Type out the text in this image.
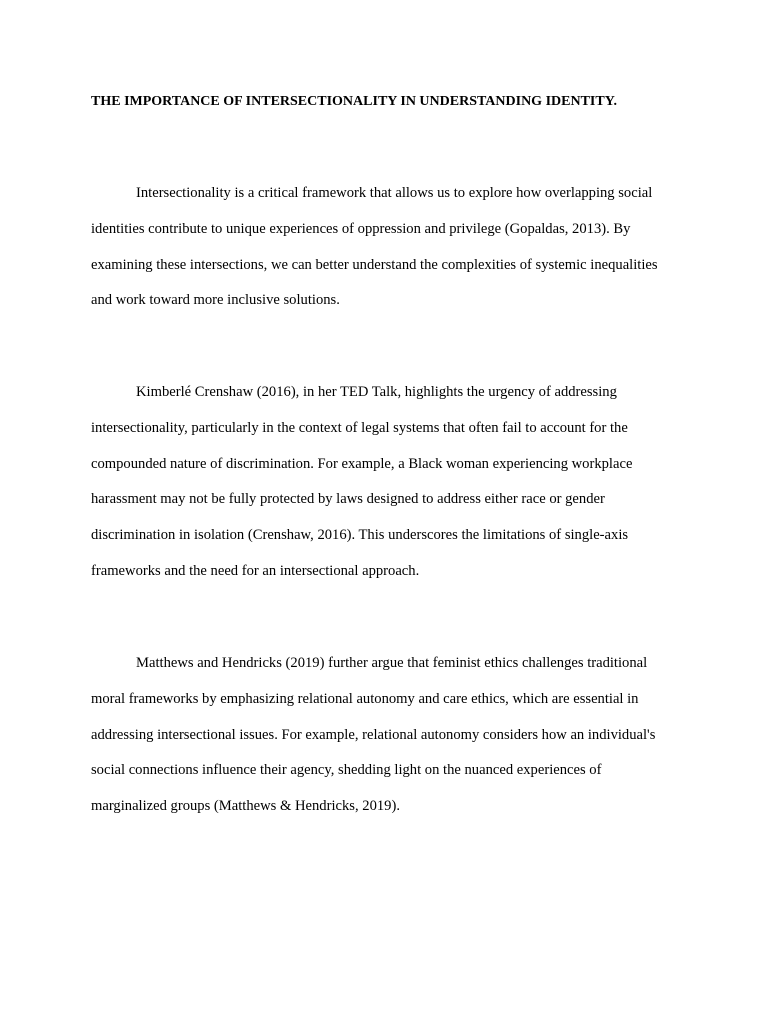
THE IMPORTANCE OF INTERSECTIONALITY IN UNDERSTANDING IDENTITY.

Intersectionality is a critical framework that allows us to explore how overlapping social
identities contribute to unique experiences of oppression and privilege (Gopaldas, 2013). By
examining these intersections, we can better understand the complexities of systemic inequalities
and work toward more inclusive solutions.

Kimberlé Crenshaw (2016), in her TED Talk, highlights the urgency of addressing
intersectionality, particularly in the context of legal systems that often fail to account for the
compounded nature of discrimination. For example, a Black woman experiencing workplace
harassment may not be fully protected by laws designed to address either race or gender
discrimination in isolation (Crenshaw, 2016). This underscores the limitations of single-axis
frameworks and the need for an intersectional approach.

Matthews and Hendricks (2019) further argue that feminist ethics challenges traditional
moral frameworks by emphasizing relational autonomy and care ethics, which are essential in
addressing intersectional issues. For example, relational autonomy considers how an individual's
social connections influence their agency, shedding light on the nuanced experiences of
marginalized groups (Matthews & Hendricks, 2019).
